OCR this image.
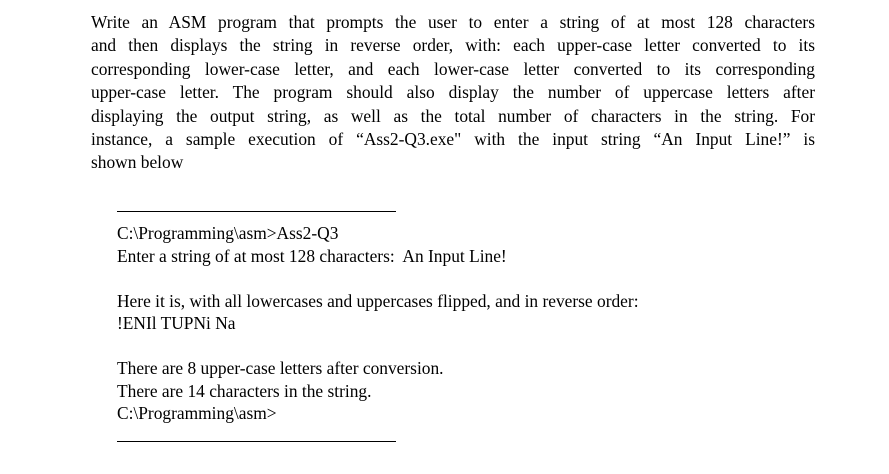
Write an ASM program that prompts the user to enter a string of at most 128 characters
and then displays the string in reverse order, with: each upper-case letter converted to its
corresponding lower-case letter, and each lower-case letter converted to its corresponding
upper-case letter. The program should also display the number of uppercase letters after
displaying the output string, as well as the total number of characters in the string. For
instance, a sample execution of “Ass2-Q3.exe" with the input string “An Input Line!” is
shown below
C:\Programming\asm>Ass2-Q3
Enter a string of at most 128 characters:  An Input Line!
Here it is, with all lowercases and uppercases flipped, and in reverse order:
!ENIl TUPNi Na
There are 8 upper-case letters after conversion.
There are 14 characters in the string.
C:\Programming\asm>
